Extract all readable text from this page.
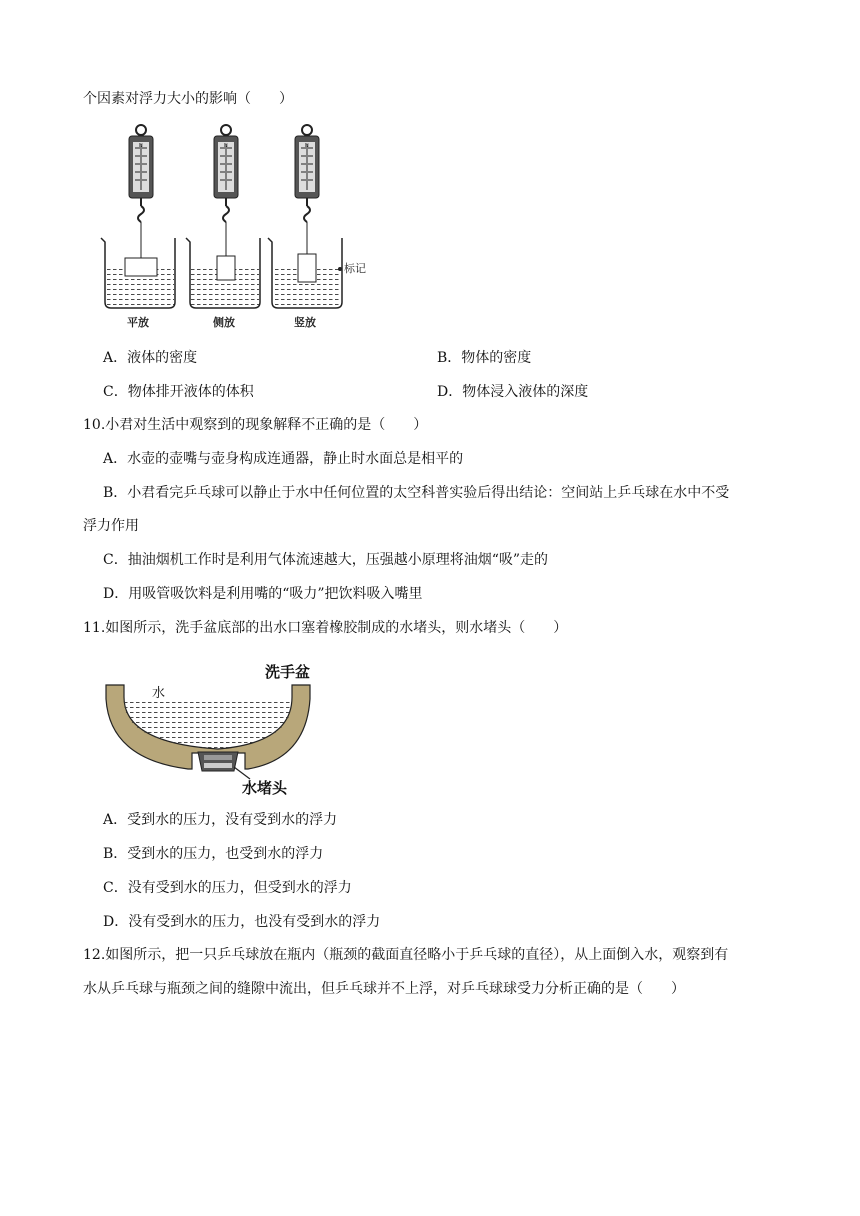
个因素对浮力大小的影响（　　）
N	N	N
标记
平放	侧放	竖放
A．液体的密度	B．物体的密度
C．物体排开液体的体积	D．物体浸入液体的深度
10.小君对生活中观察到的现象解释不正确的是（　　）
A．水壶的壶嘴与壶身构成连通器，静止时水面总是相平的
B．小君看完乒乓球可以静止于水中任何位置的太空科普实验后得出结论：空间站上乒乓球在水中不受
浮力作用
C．抽油烟机工作时是利用气体流速越大，压强越小原理将油烟“吸”走的
D．用吸管吸饮料是利用嘴的“吸力”把饮料吸入嘴里
11.如图所示，洗手盆底部的出水口塞着橡胶制成的水堵头，则水堵头（　　）
洗手盆
水
水堵头
A．受到水的压力，没有受到水的浮力
B．受到水的压力，也受到水的浮力
C．没有受到水的压力，但受到水的浮力
D．没有受到水的压力，也没有受到水的浮力
12.如图所示，把一只乒乓球放在瓶内（瓶颈的截面直径略小于乒乓球的直径），从上面倒入水，观察到有
水从乒乓球与瓶颈之间的缝隙中流出，但乒乓球并不上浮，对乒乓球球受力分析正确的是（　　）
